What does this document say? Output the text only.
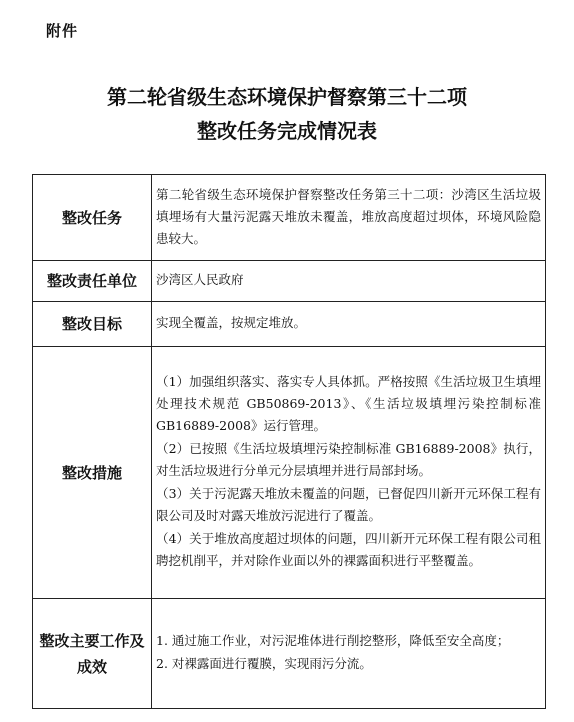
附件
第二轮省级生态环境保护督察第三十二项
整改任务完成情况表
整改任务	第二轮省级生态环境保护督察整改任务第三十二项：沙湾区生活垃圾填埋场有大量污泥露天堆放未覆盖，堆放高度超过坝体，环境风险隐患较大。

整改责任单位	沙湾区人民政府

整改目标	实现全覆盖，按规定堆放。

整改措施	（1）加强组织落实、落实专人具体抓。严格按照《生活垃圾卫生填埋处理技术规范 GB50869-2013》、《生活垃圾填埋污染控制标准 GB16889-2008》运行管理。

（2）已按照《生活垃圾填埋污染控制标准 GB16889-2008》执行，对生活垃圾进行分单元分层填埋并进行局部封场。

（3）关于污泥露天堆放未覆盖的问题，已督促四川新开元环保工程有限公司及时对露天堆放污泥进行了覆盖。

（4）关于堆放高度超过坝体的问题，四川新开元环保工程有限公司租聘挖机削平，并对除作业面以外的裸露面积进行平整覆盖。

整改主要工作及成效	1. 通过施工作业，对污泥堆体进行削挖整形，降低至安全高度；

2. 对裸露面进行覆膜，实现雨污分流。
